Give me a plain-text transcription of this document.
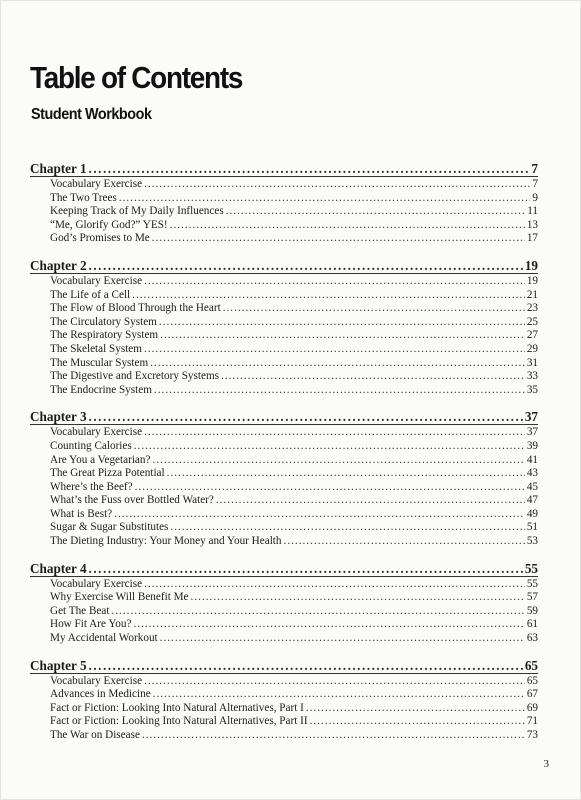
Table of Contents
Student Workbook
Chapter 1 .....	7
Vocabulary Exercise .....	7
The Two Trees .....	9
Keeping Track of My Daily Influences .....	11
“Me, Glorify God?” YES! .....	13
God’s Promises to Me .....	17
Chapter 2 .....	19
Vocabulary Exercise .....	19
The Life of a Cell .....	21
The Flow of Blood Through the Heart .....	23
The Circulatory System .....	25
The Respiratory System .....	27
The Skeletal System .....	29
The Muscular System .....	31
The Digestive and Excretory Systems .....	33
The Endocrine System .....	35
Chapter 3 .....	37
Vocabulary Exercise .....	37
Counting Calories .....	39
Are You a Vegetarian? .....	41
The Great Pizza Potential .....	43
Where’s the Beef? .....	45
What’s the Fuss over Bottled Water? .....	47
What is Best? .....	49
Sugar & Sugar Substitutes .....	51
The Dieting Industry: Your Money and Your Health .....	53
Chapter 4 .....	55
Vocabulary Exercise .....	55
Why Exercise Will Benefit Me .....	57
Get The Beat .....	59
How Fit Are You? .....	61
My Accidental Workout .....	63
Chapter 5 .....	65
Vocabulary Exercise .....	65
Advances in Medicine .....	67
Fact or Fiction: Looking Into Natural Alternatives, Part I .....	69
Fact or Fiction: Looking Into Natural Alternatives, Part II .....	71
The War on Disease .....	73
3
